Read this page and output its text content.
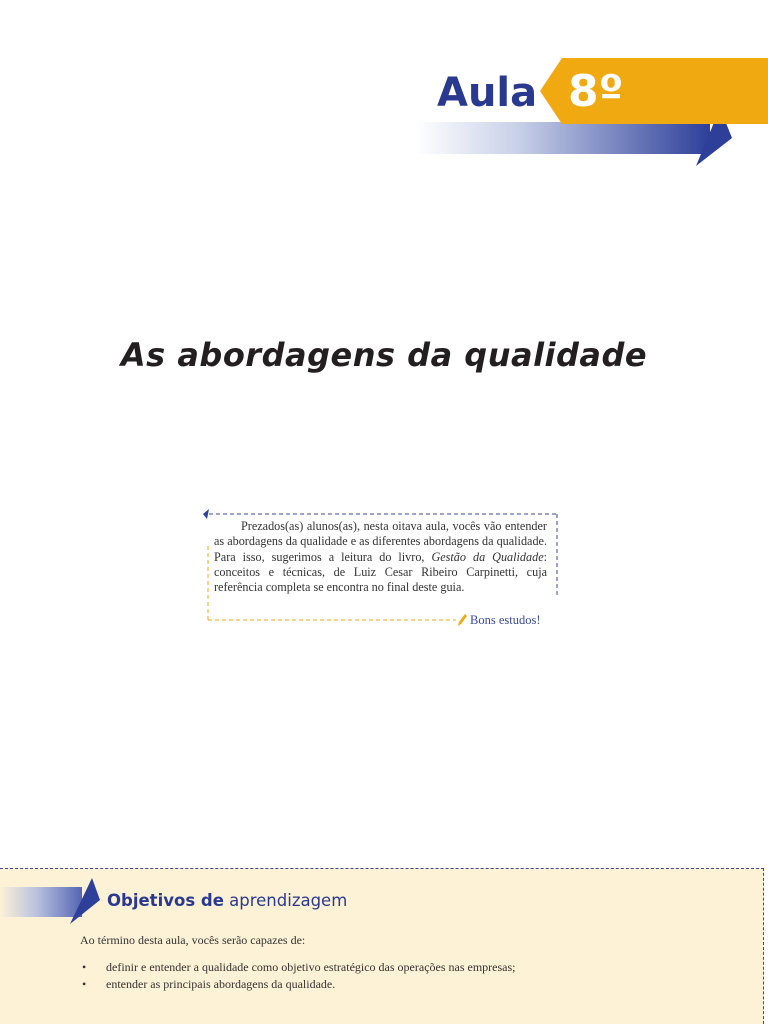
Aula 8º
As abordagens da qualidade

Prezados(as) alunos(as), nesta oitava aula, vocês vão entender as abordagens da qualidade e as diferentes abordagens da qualidade. Para isso, sugerimos a leitura do livro, Gestão da Qualidade: conceitos e técnicas, de Luiz Cesar Ribeiro Carpinetti, cuja referência completa se encontra no final deste guia.

Bons estudos!
Objetivos de aprendizagem

Ao término desta aula, vocês serão capazes de:

• definir e entender a qualidade como objetivo estratégico das operações nas empresas;
• entender as principais abordagens da qualidade.
